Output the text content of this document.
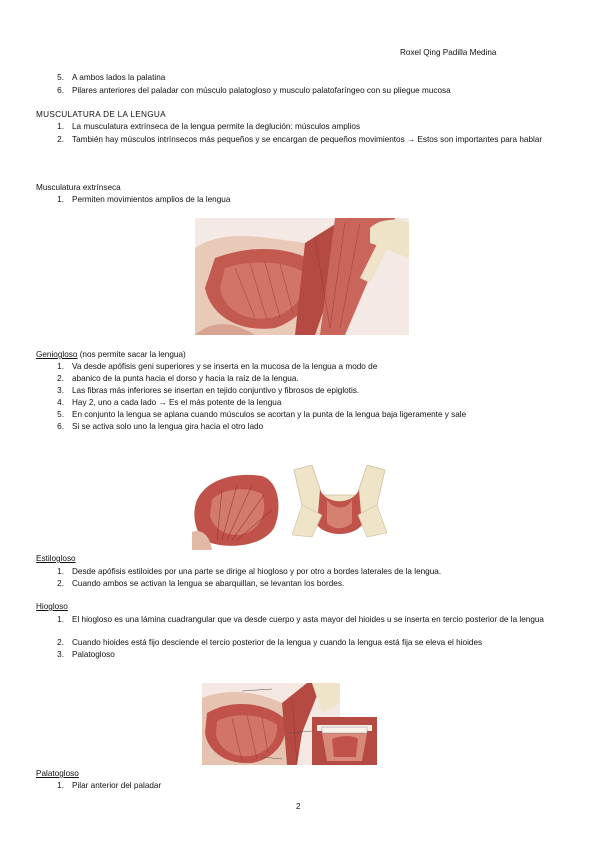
Roxel Qing Padilla Medina
5. A ambos lados la palatina
6. Pilares anteriores del paladar con músculo palatogloso y musculo palatofaríngeo con su pliegue mucosa
MUSCULATURA DE LA LENGUA
1. La musculatura extrínseca de la lengua permite la deglución: músculos amplios
2. También hay músculos intrínsecos más pequeños y se encargan de pequeños movimientos → Estos son importantes para hablar
Musculatura extrínseca
1. Permiten movimientos amplios de la lengua
Geniogloso (nos permite sacar la lengua)
1. Va desde apófisis geni superiores y se inserta en la mucosa de la lengua a modo de
2. abanico de la punta hacia el dorso y hacia la raíz de la lengua.
3. Las fibras más inferiores se insertan en tejido conjuntivo y fibrosos de epiglotis.
4. Hay 2, uno a cada lado → Es el más potente de la lengua
5. En conjunto la lengua se aplana cuando músculos se acortan y la punta de la lengua baja ligeramente y sale
6. Si se activa solo uno la lengua gira hacia el otro lado
Estilogloso
1. Desde apófisis estiloides por una parte se dirige al hiogloso y por otro a bordes laterales de la lengua.
2. Cuando ambos se activan la lengua se abarquillan, se levantan los bordes.
Hiogloso
1. El hiogloso es una lámina cuadrangular que va desde cuerpo y asta mayor del hioides u se inserta en tercio posterior de la lengua
2. Cuando hioides está fijo desciende el tercio posterior de la lengua y cuando la lengua está fija se eleva el hioides
3. Palatogloso
Palatogloso
1. Pilar anterior del paladar
2
